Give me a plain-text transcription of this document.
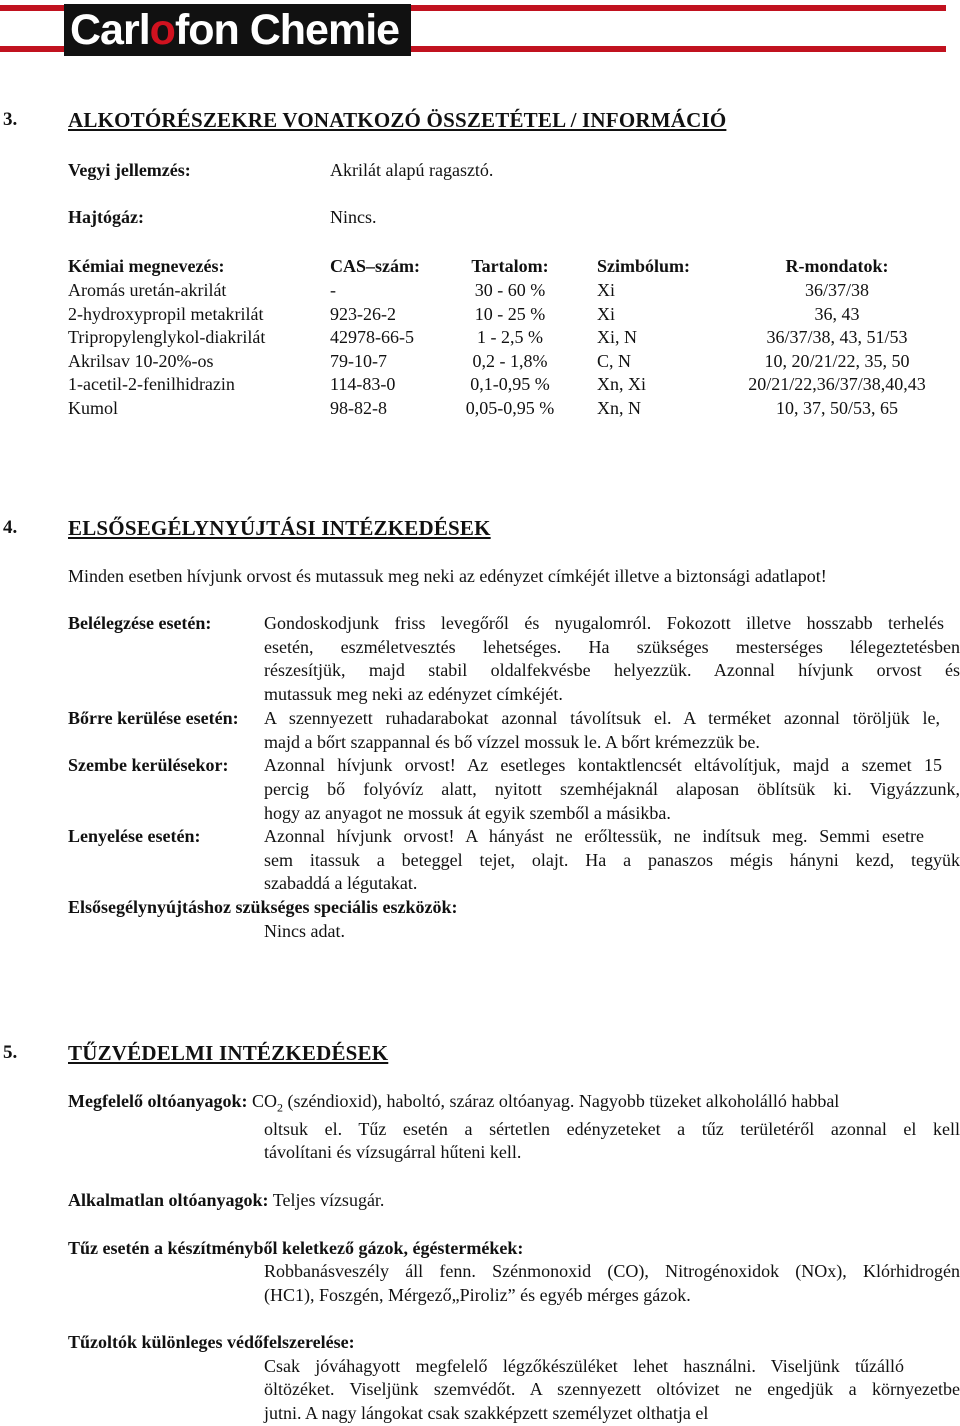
Carlofon Chemie
3. ALKOTÓRÉSZEKRE VONATKOZÓ ÖSSZETÉTEL / INFORMÁCIÓ
Vegyi jellemzés:	Akrilát alapú ragasztó.
Hajtógáz:	Nincs.
Kémiai megnevezés:	CAS–szám:	Tartalom:	Szimbólum:	R-mondatok:
Aromás uretán-akrilát	-	30 - 60 %	Xi	36/37/38
2-hydroxypropil metakrilát	923-26-2	10 - 25 %	Xi	36, 43
Tripropylenglykol-diakrilát	42978-66-5	1 - 2,5 %	Xi, N	36/37/38, 43, 51/53
Akrilsav 10-20%-os	79-10-7	0,2 - 1,8%	C, N	10, 20/21/22, 35, 50
1-acetil-2-fenilhidrazin	114-83-0	0,1-0,95 %	Xn, Xi	20/21/22,36/37/38,40,43
Kumol	98-82-8	0,05-0,95 %	Xn, N	10, 37, 50/53, 65
4. ELSŐSEGÉLYNYÚJTÁSI INTÉZKEDÉSEK
Minden esetben hívjunk orvost és mutassuk meg neki az edényzet címkéjét illetve a biztonsági adatlapot!
Belélegzése esetén:	Gondoskodjunk friss levegőről és nyugalomról. Fokozott illetve hosszabb terhelés
esetén, eszméletvesztés lehetséges. Ha szükséges mesterséges lélegeztetésben
részesítjük, majd stabil oldalfekvésbe helyezzük. Azonnal hívjunk orvost és
mutassuk meg neki az edényzet címkéjét.
Bőrre kerülése esetén: A szennyezett ruhadarabokat azonnal távolítsuk el. A terméket azonnal töröljük le,
majd a bőrt szappannal és bő vízzel mossuk le. A bőrt krémezzük be.
Szembe kerülésekor: Azonnal hívjunk orvost! Az esetleges kontaktlencsét eltávolítjuk, majd a szemet 15
percig bő folyóvíz alatt, nyitott szemhéjaknál alaposan öblítsük ki. Vigyázzunk,
hogy az anyagot ne mossuk át egyik szemből a másikba.
Lenyelése esetén:	Azonnal hívjunk orvost! A hányást ne erőltessük, ne indítsuk meg. Semmi esetre
sem itassuk a beteggel tejet, olajt. Ha a panaszos mégis hányni kezd, tegyük
szabaddá a légutakat.
Elsősegélynyújtáshoz szükséges speciális eszközök:
Nincs adat.
5. TŰZVÉDELMI INTÉZKEDÉSEK
Megfelelő oltóanyagok: $CO_2$ (széndioxid), haboltó, száraz oltóanyag. Nagyobb tüzeket alkoholálló habbal
oltsuk el. Tűz esetén a sértetlen edényzeteket a tűz területéről azonnal el kell
távolítani és vízsugárral hűteni kell.
Alkalmatlan oltóanyagok: Teljes vízsugár.
Tűz esetén a készítményből keletkező gázok, égéstermékek:
Robbanásveszély áll fenn. Szénmonoxid (CO), Nitrogénoxidok (NOx), Klórhidrogén
(HC1), Foszgén, Mérgező„Piroliz” és egyéb mérges gázok.
Tűzoltók különleges védőfelszerelése:
Csak jóváhagyott megfelelő légzőkészüléket lehet használni. Viseljünk tűzálló
öltözéket. Viseljünk szemvédőt. A szennyezett oltóvizet ne engedjük a környezetbe
jutni. A nagy lángokat csak szakképzett személyzet olthatja el
